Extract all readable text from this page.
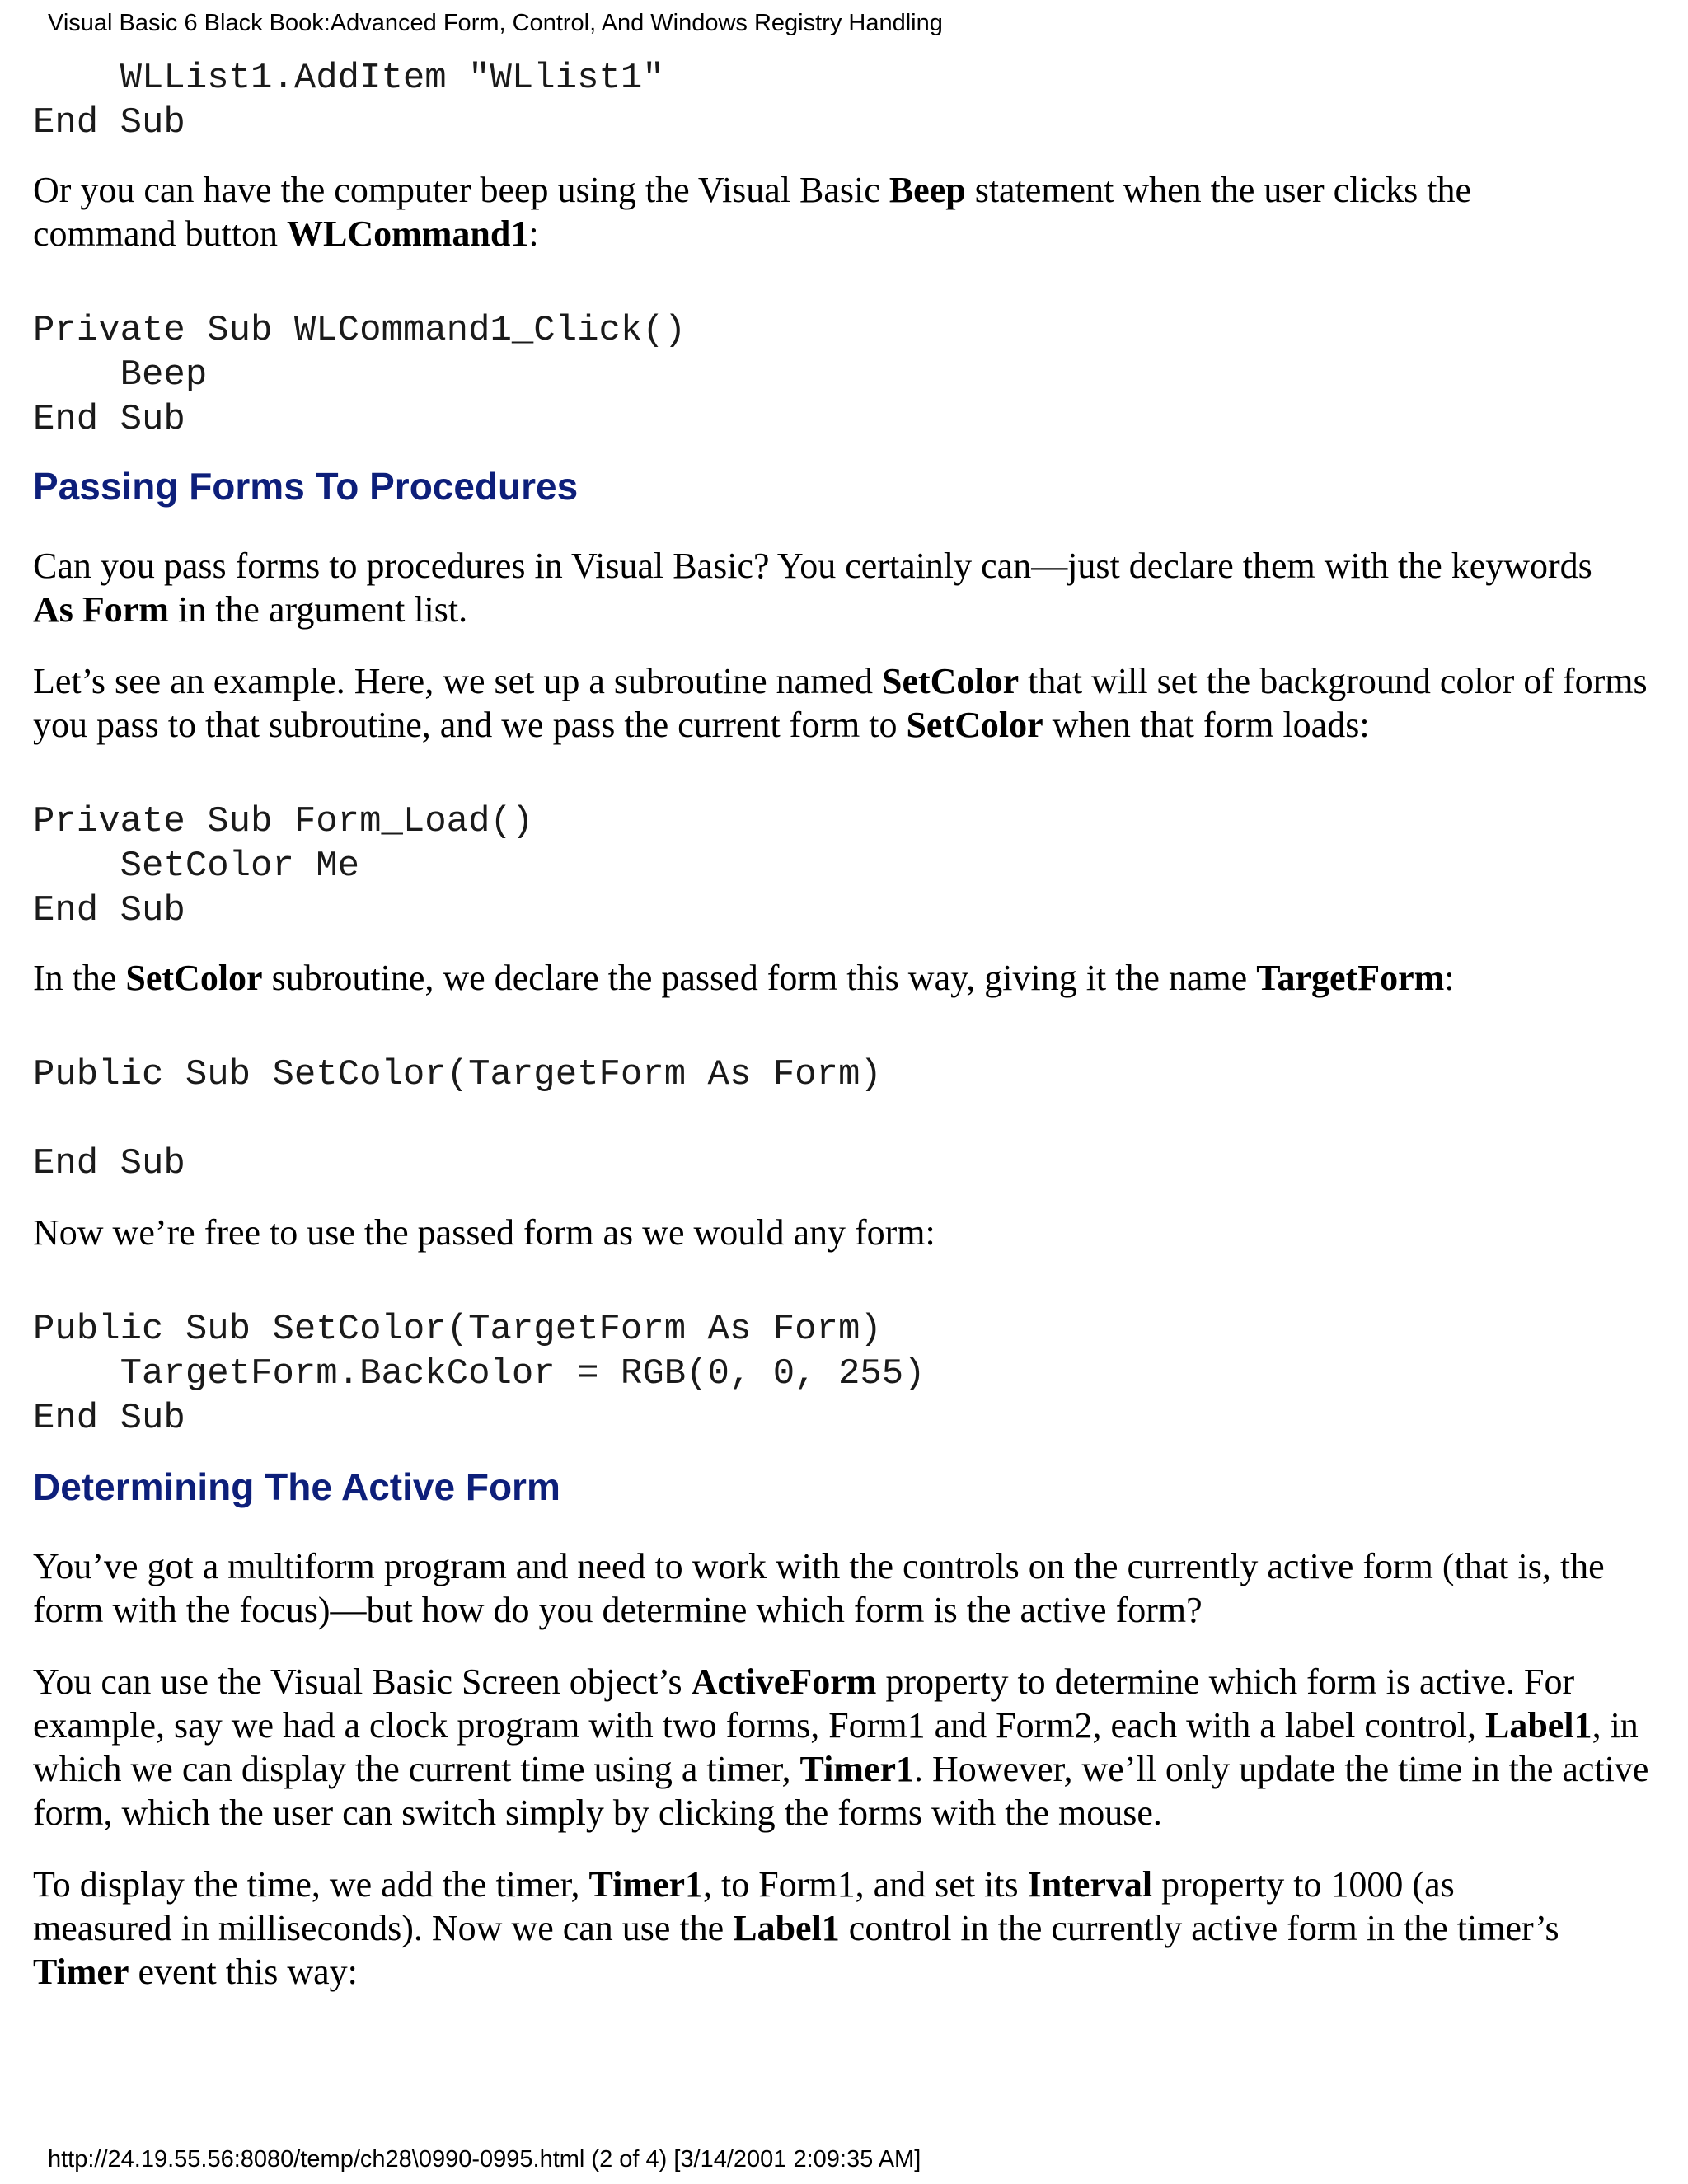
Visual Basic 6 Black Book:Advanced Form, Control, And Windows Registry Handling
WLList1.AddItem "WLlist1"
End Sub

Or you can have the computer beep using the Visual Basic Beep statement when the user clicks the command button WLCommand1:

Private Sub WLCommand1_Click()
Beep
End Sub
Passing Forms To Procedures

Can you pass forms to procedures in Visual Basic? You certainly can—just declare them with the keywords As Form in the argument list.

Let’s see an example. Here, we set up a subroutine named SetColor that will set the background color of forms you pass to that subroutine, and we pass the current form to SetColor when that form loads:

Private Sub Form_Load()
SetColor Me
End Sub

In the SetColor subroutine, we declare the passed form this way, giving it the name TargetForm:

Public Sub SetColor(TargetForm As Form)

End Sub

Now we’re free to use the passed form as we would any form:

Public Sub SetColor(TargetForm As Form)
TargetForm.BackColor = RGB(0, 0, 255)
End Sub
Determining The Active Form

You’ve got a multiform program and need to work with the controls on the currently active form (that is, the form with the focus)—but how do you determine which form is the active form?

You can use the Visual Basic Screen object’s ActiveForm property to determine which form is active. For example, say we had a clock program with two forms, Form1 and Form2, each with a label control, Label1, in which we can display the current time using a timer, Timer1. However, we’ll only update the time in the active form, which the user can switch simply by clicking the forms with the mouse.

To display the time, we add the timer, Timer1, to Form1, and set its Interval property to 1000 (as measured in milliseconds). Now we can use the Label1 control in the currently active form in the timer’s Timer event this way:

http://24.19.55.56:8080/temp/ch28\0990-0995.html (2 of 4) [3/14/2001 2:09:35 AM]
